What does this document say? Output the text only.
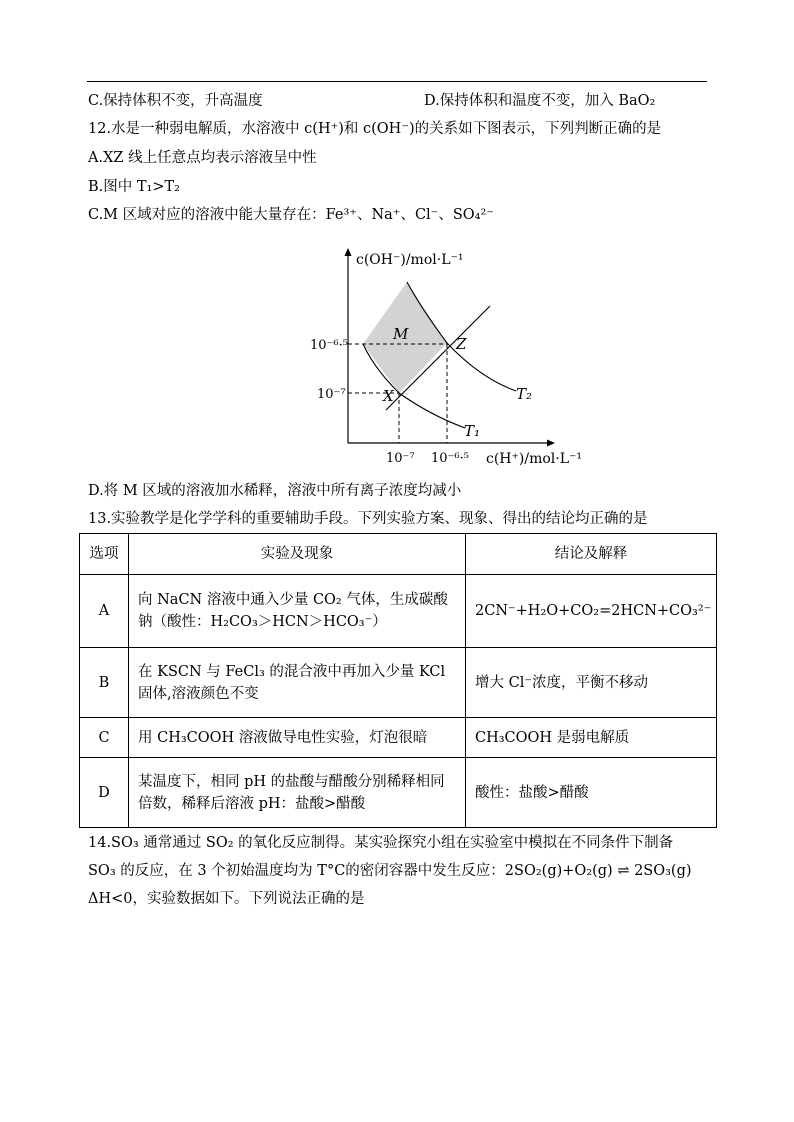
C.保持体积不变，升高温度	D.保持体积和温度不变，加入 BaO₂
12.水是一种弱电解质，水溶液中 c(H⁺)和 c(OH⁻)的关系如下图表示，下列判断正确的是
A.XZ 线上任意点均表示溶液呈中性
B.图中 T₁>T₂
C.M 区域对应的溶液中能大量存在：Fe³⁺、Na⁺、Cl⁻、SO₄²⁻
c(OH⁻)/mol·L⁻¹
c(H⁺)/mol·L⁻¹
10⁻⁶·⁵
10⁻⁷
10⁻⁷ 10⁻⁶·⁵
M
X
Z
T₁
T₂
D.将 M 区域的溶液加水稀释，溶液中所有离子浓度均减小
13.实验教学是化学学科的重要辅助手段。下列实验方案、现象、得出的结论均正确的是
选项	实验及现象	结论及解释
A	向 NaCN 溶液中通入少量 CO₂ 气体，生成碳酸钠（酸性：H₂CO₃＞HCN＞HCO₃⁻）	2CN⁻+H₂O+CO₂=2HCN+CO₃²⁻
B	在 KSCN 与 FeCl₃ 的混合液中再加入少量 KCl 固体,溶液颜色不变	增大 Cl⁻浓度，平衡不移动
C	用 CH₃COOH 溶液做导电性实验，灯泡很暗	CH₃COOH 是弱电解质
D	某温度下，相同 pH 的盐酸与醋酸分别稀释相同倍数，稀释后溶液 pH：盐酸>醋酸	酸性：盐酸>醋酸
14.SO₃ 通常通过 SO₂ 的氧化反应制得。某实验探究小组在实验室中模拟在不同条件下制备
SO₃ 的反应，在 3 个初始温度均为 T°C的密闭容器中发生反应：2SO₂(g)+O₂(g) ⇌ 2SO₃(g)
ΔH<0，实验数据如下。下列说法正确的是
